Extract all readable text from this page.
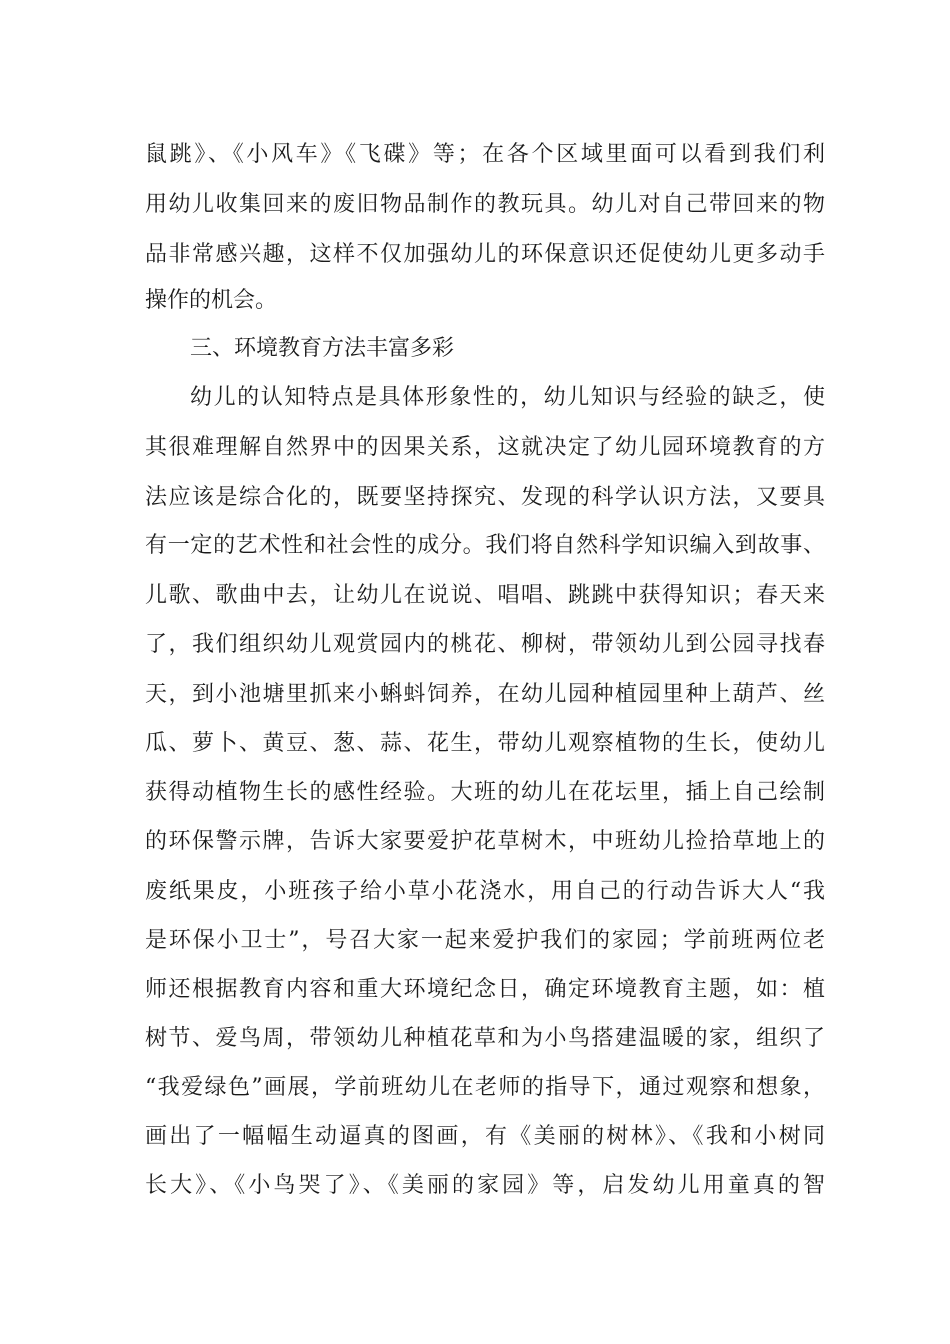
鼠跳》、《小风车》《飞碟》等；在各个区域里面可以看到我们利
用幼儿收集回来的废旧物品制作的教玩具。幼儿对自己带回来的物
品非常感兴趣，这样不仅加强幼儿的环保意识还促使幼儿更多动手
操作的机会。
三、环境教育方法丰富多彩
幼儿的认知特点是具体形象性的，幼儿知识与经验的缺乏，使
其很难理解自然界中的因果关系，这就决定了幼儿园环境教育的方
法应该是综合化的，既要坚持探究、发现的科学认识方法，又要具
有一定的艺术性和社会性的成分。我们将自然科学知识编入到故事、
儿歌、歌曲中去，让幼儿在说说、唱唱、跳跳中获得知识；春天来
了，我们组织幼儿观赏园内的桃花、柳树，带领幼儿到公园寻找春
天，到小池塘里抓来小蝌蚪饲养，在幼儿园种植园里种上葫芦、丝
瓜、萝卜、黄豆、葱、蒜、花生，带幼儿观察植物的生长，使幼儿
获得动植物生长的感性经验。大班的幼儿在花坛里，插上自己绘制
的环保警示牌，告诉大家要爱护花草树木，中班幼儿捡拾草地上的
废纸果皮，小班孩子给小草小花浇水，用自己的行动告诉大人“我
是环保小卫士”，号召大家一起来爱护我们的家园；学前班两位老
师还根据教育内容和重大环境纪念日，确定环境教育主题，如：植
树节、爱鸟周，带领幼儿种植花草和为小鸟搭建温暖的家，组织了
“我爱绿色”画展，学前班幼儿在老师的指导下，通过观察和想象，
画出了一幅幅生动逼真的图画，有《美丽的树林》、《我和小树同
长大》、《小鸟哭了》、《美丽的家园》等，启发幼儿用童真的智
